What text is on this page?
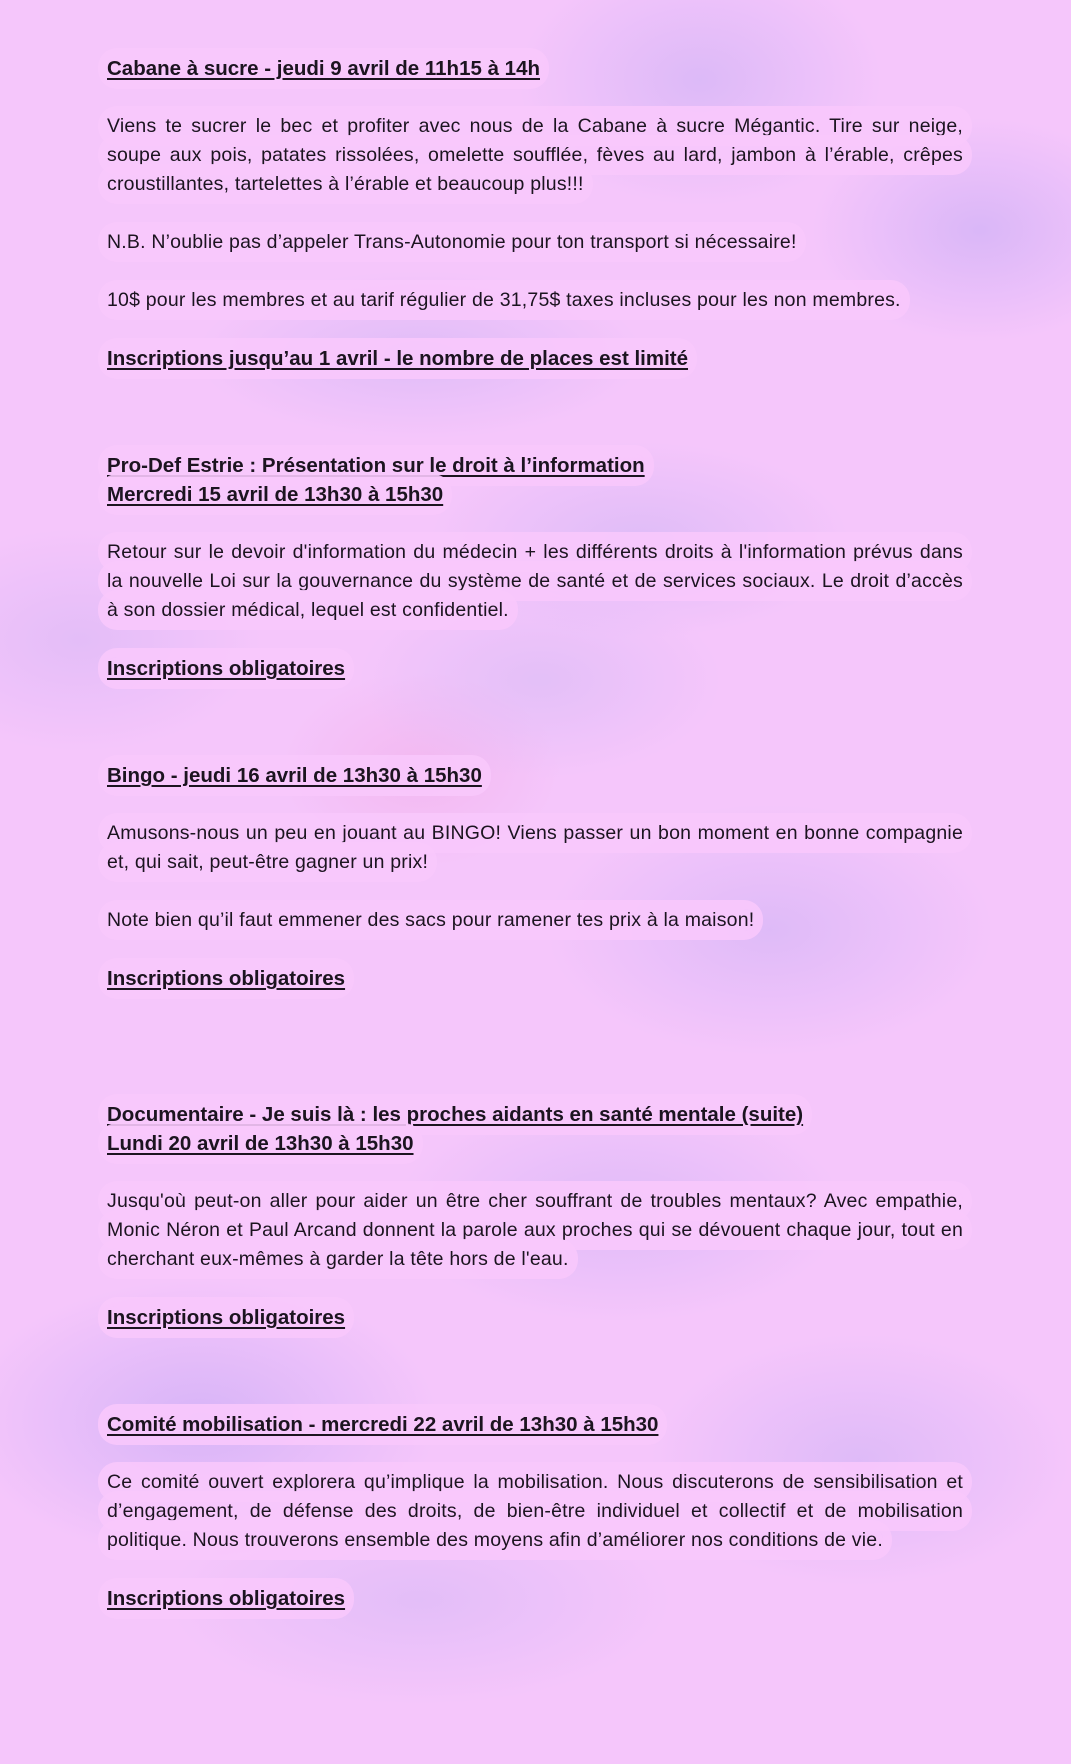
Cabane à sucre - jeudi 9 avril de 11h15 à 14h

Viens te sucrer le bec et profiter avec nous de la Cabane à sucre Mégantic. Tire sur neige, soupe aux pois, patates rissolées, omelette soufflée, fèves au lard, jambon à l’érable, crêpes croustillantes, tartelettes à l’érable et beaucoup plus!!!

N.B. N’oublie pas d’appeler Trans-Autonomie pour ton transport si nécessaire!

10$ pour les membres et au tarif régulier de 31,75$ taxes incluses pour les non membres.

Inscriptions jusqu’au 1 avril - le nombre de places est limité

Pro-Def Estrie : Présentation sur le droit à l’information
Mercredi 15 avril de 13h30 à 15h30

Retour sur le devoir d'information du médecin + les différents droits à l'information prévus dans la nouvelle Loi sur la gouvernance du système de santé et de services sociaux. Le droit d’accès à son dossier médical, lequel est confidentiel.

Inscriptions obligatoires

Bingo - jeudi 16 avril de 13h30 à 15h30

Amusons-nous un peu en jouant au BINGO! Viens passer un bon moment en bonne compagnie et, qui sait, peut-être gagner un prix!

Note bien qu’il faut emmener des sacs pour ramener tes prix à la maison!

Inscriptions obligatoires

Documentaire - Je suis là : les proches aidants en santé mentale (suite)
Lundi 20 avril de 13h30 à 15h30

Jusqu'où peut-on aller pour aider un être cher souffrant de troubles mentaux? Avec empathie, Monic Néron et Paul Arcand donnent la parole aux proches qui se dévouent chaque jour, tout en cherchant eux-mêmes à garder la tête hors de l'eau.

Inscriptions obligatoires

Comité mobilisation - mercredi 22 avril de 13h30 à 15h30

Ce comité ouvert explorera qu’implique la mobilisation. Nous discuterons de sensibilisation et d’engagement, de défense des droits, de bien-être individuel et collectif et de mobilisation politique. Nous trouverons ensemble des moyens afin d’améliorer nos conditions de vie.

Inscriptions obligatoires
